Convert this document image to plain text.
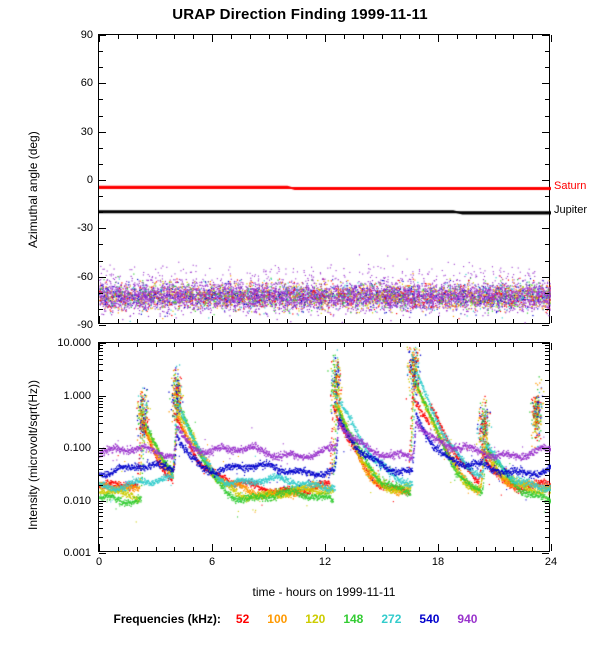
URAP Direction Finding 1999-11-11
90
60
30
0
-30
-60
-90
Azimuthal angle (deg)
10.000
1.000
0.100
0.010
0.001
0	6	12	18	24
Intensity (microvolt/sqrt(Hz))
time - hours on 1999-11-11
Frequencies (kHz): 52 100 120 148 272 540 940
Saturn
Jupiter
